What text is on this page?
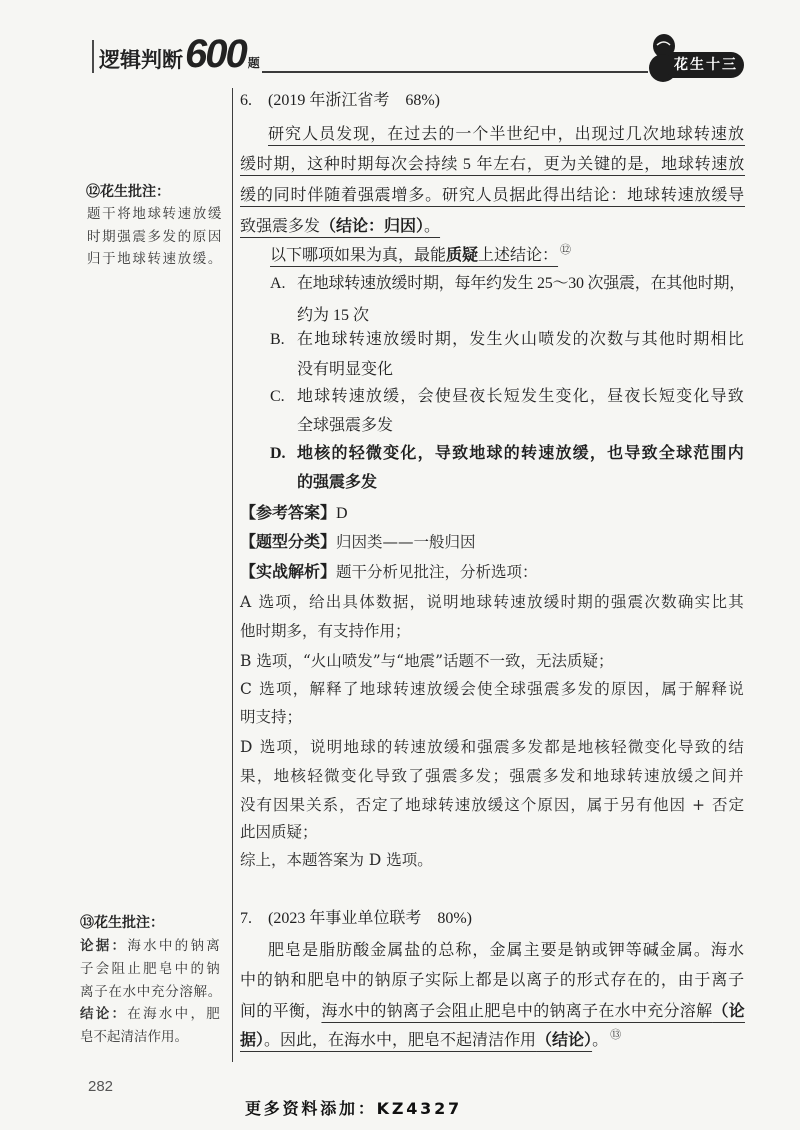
逻辑判断600 题	花生十三
⑫花生批注：
题干将地球转速放缓
时期强震多发的原因
归于地球转速放缓。
6. (2019 年浙江省考　68%)
研究人员发现，在过去的一个半世纪中，出现过几次地球转速放
缓时期，这种时期每次会持续 5 年左右，更为关键的是，地球转速放
缓的同时伴随着强震增多。研究人员据此得出结论：地球转速放缓导
致强震多发（结论：归因）。
以下哪项如果为真，最能质疑上述结论： ⑫
A. 在地球转速放缓时期，每年约发生 25～30 次强震，在其他时期，
约为 15 次
B. 在地球转速放缓时期，发生火山喷发的次数与其他时期相比
没有明显变化
C. 地球转速放缓，会使昼夜长短发生变化，昼夜长短变化导致
全球强震多发
D. 地核的轻微变化，导致地球的转速放缓，也导致全球范围内
的强震多发
【参考答案】D
【题型分类】归因类——一般归因
【实战解析】题干分析见批注，分析选项：
A 选项，给出具体数据，说明地球转速放缓时期的强震次数确实比其
他时期多，有支持作用；
B 选项，“火山喷发”与“地震”话题不一致，无法质疑；
C 选项，解释了地球转速放缓会使全球强震多发的原因，属于解释说
明支持；
D 选项，说明地球的转速放缓和强震多发都是地核轻微变化导致的结
果，地核轻微变化导致了强震多发；强震多发和地球转速放缓之间并
没有因果关系，否定了地球转速放缓这个原因，属于另有他因 + 否定
此因质疑；
综上，本题答案为 D 选项。
⑬花生批注：
论据：海水中的钠离
子会阻止肥皂中的钠
离子在水中充分溶解。
结论：在海水中，肥
皂不起清洁作用。
7. (2023 年事业单位联考　80%)
肥皂是脂肪酸金属盐的总称，金属主要是钠或钾等碱金属。海水
中的钠和肥皂中的钠原子实际上都是以离子的形式存在的，由于离子
间的平衡，海水中的钠离子会阻止肥皂中的钠离子在水中充分溶解（论
据）。因此，在海水中，肥皂不起清洁作用（结论）。 ⑬
282
更多资料添加：KZ4327
